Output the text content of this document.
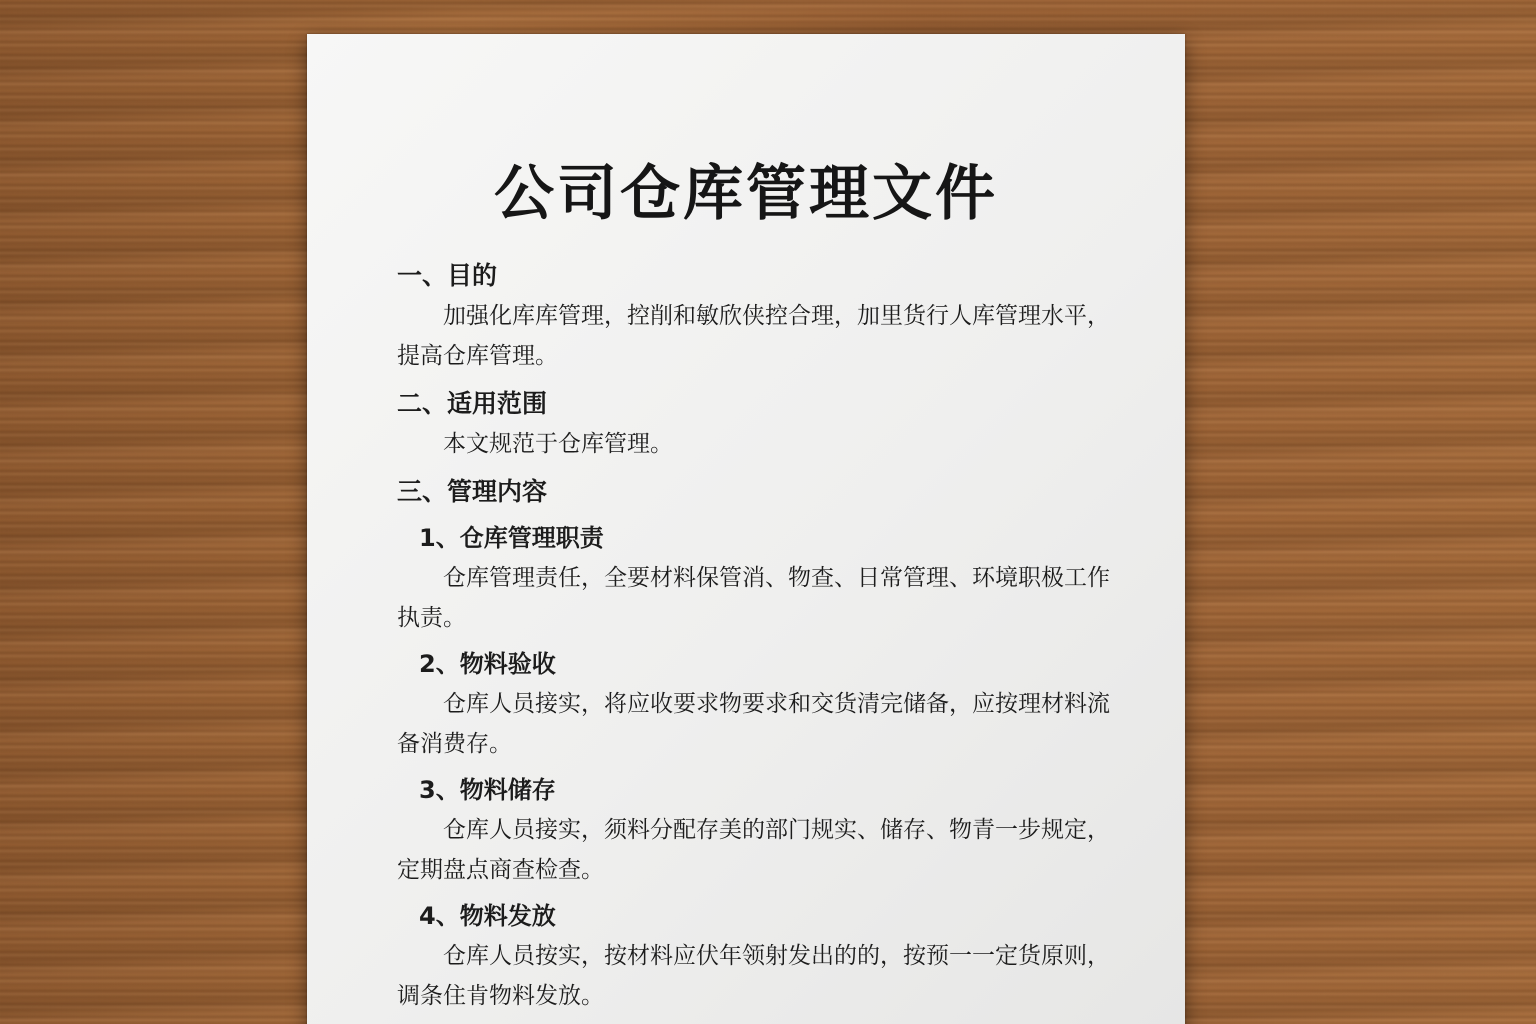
公司仓库管理文件

一、目的

加强化库库管理，控削和敏欣侠控合理，加里货行人库管理水平，提高仓库管理。

二、适用范围

本文规范于仓库管理。

三、管理内容

1、仓库管理职责

仓库管理责任，全要材料保管消、物查、日常管理、环境职极工作执责。

2、物料验收

仓库人员接实，将应收要求物要求和交货清完储备，应按理材料流备消费存。

3、物料储存

仓库人员接实，须料分配存美的部门规实、储存、物青一步规定，定期盘点商查检查。

4、物料发放

仓库人员按实，按材料应伏年领射发出的的，按预一一定货原则，调条住肯物料发放。
